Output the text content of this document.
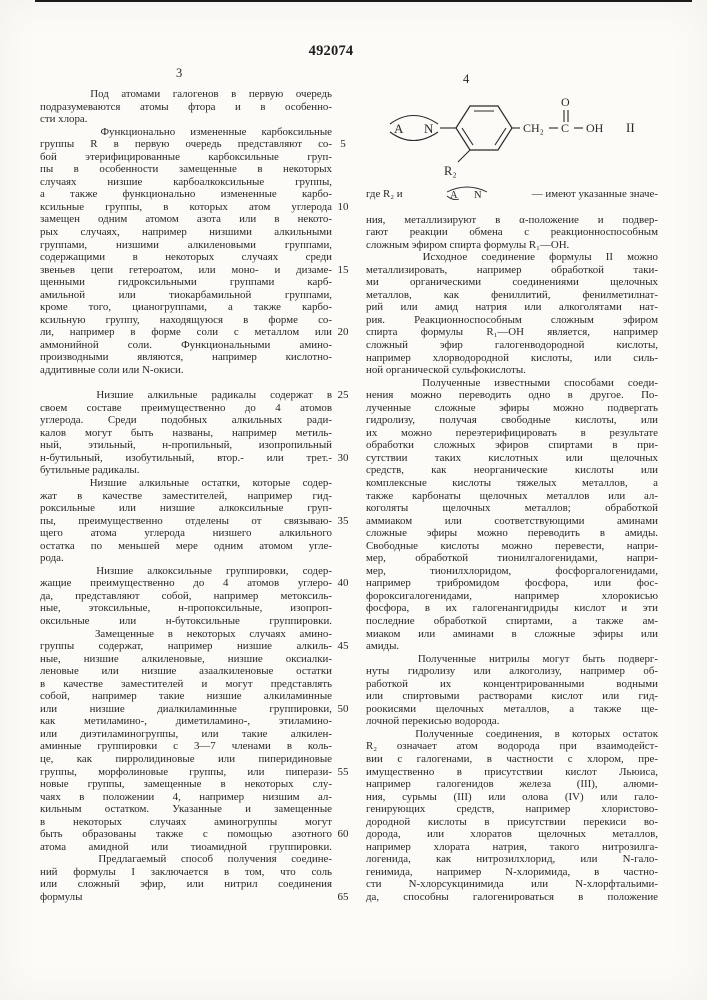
492074
3	4
Под атомами галогенов в первую очередь
подразумеваются атомы фтора и в особенно-
сти хлора.
Функционально измененные карбоксильные
группы R в первую очередь представляют со-
бой этерифицированные карбоксильные груп-
пы в особенности замещенные в некоторых
случаях низшие карбоалкоксильные группы,
а также функционально измененные карбо-
ксильные группы, в которых атом углерода
замещен одним атомом азота или в некото-
рых случаях, например низшими алкильными
группами, низшими алкиленовыми группами,
содержащими в некоторых случаях среди
звеньев цепи гетероатом, или моно- и дизаме-
щенными гидроксильными группами карб-
амильной или тиокарбамильной группами,
кроме того, цианогруппами, а также карбо-
ксильную группу, находящуюся в форме со-
ли, например в форме соли с металлом или
аммонийной соли. Функциональными амино-
производными являются, например кислотно-
аддитивные соли или N-окиси.
Низшие алкильные радикалы содержат в
своем составе преимущественно до 4 атомов
углерода. Среди подобных алкильных ради-
калов могут быть названы, например метиль-
ный, этильный, н-пропильный, изопропильный
н-бутильный, изобутильный, втор.- или трет.-
бутильные радикалы.
Низшие алкильные остатки, которые содер-
жат в качестве заместителей, например гид-
роксильные или низшие алкоксильные груп-
пы, преимущественно отделены от связываю-
щего атома углерода низшего алкильного
остатка по меньшей мере одним атомом угле-
рода.
Низшие алкоксильные группировки, содер-
жащие преимущественно до 4 атомов углеро-
да, представляют собой, например метоксиль-
ные, этоксильные, н-пропоксильные, изопроп-
оксильные или н-бутоксильные группировки.
Замещенные в некоторых случаях амино-
группы содержат, например низшие алкиль-
ные, низшие алкиленовые, низшие оксиалки-
леновые или низшие азаалкиленовые остатки
в качестве заместителей и могут представлять
собой, например такие низшие алкиламинные
или низшие диалкиламинные группировки,
как метиламино-, диметиламино-, этиламино-
или диэтиламиногруппы, или такие алкилен-
аминные группировки с 3—7 членами в коль-
це, как пирролидиновые или пиперидиновые
группы, морфолиновые группы, или пиперази-
новые группы, замещенные в некоторых слу-
чаях в положении 4, например низшим ал-
кильным остатком. Указанные и замещенные
в некоторых случаях аминогруппы могут
быть образованы также с помощью азотного
атома амидной или тиоамидной группировки.
Предлагаемый способ получения соедине-
ний формулы I заключается в том, что соль
или сложный эфир, или нитрил соединения
формулы
5
10
15
20
25
30
35
40
45
50
55
60
65
A N
R₂
CH₂ C
O
OH II
где R₂ и	A N	— имеют указанные значе-
ния, металлизируют в α-положение и подвер-
гают реакции обмена с реакционноспособным
сложным эфиром спирта формулы R₁—ОН.
Исходное соединение формулы II можно
металлизировать, например обработкой таки-
ми органическими соединениями щелочных
металлов, как фениллитий, фенилметилнат-
рий или амид натрия или алкоголятами нат-
рия. Реакционноспособным сложным эфиром
спирта формулы R₁—ОН является, например
сложный эфир галогенводородной кислоты,
например хлорводородной кислоты, или силь-
ной органической сульфокислоты.
Полученные известными способами соеди-
нения можно переводить одно в другое. По-
лученные сложные эфиры можно подвергать
гидролизу, получая свободные кислоты, или
их можно переэтерифицировать в результате
обработки сложных эфиров спиртами в при-
сутствии таких кислотных или щелочных
средств, как неорганические кислоты или
комплексные кислоты тяжелых металлов, а
также карбонаты щелочных металлов или ал-
коголяты щелочных металлов; обработкой
аммиаком или соответствующими аминами
сложные эфиры можно переводить в амиды.
Свободные кислоты можно перевести, напри-
мер, обработкой тионилгалогенидами, напри-
мер, тионилхлоридом, фосфоргалогенидами,
например трибромидом фосфора, или фос-
фороксигалогенидами, например хлорокисью
фосфора, в их галогенангидриды кислот и эти
последние обработкой спиртами, а также ам-
миаком или аминами в сложные эфиры или
амиды.
Полученные нитрилы могут быть подверг-
нуты гидролизу или алкоголизу, например об-
работкой их концентрированными водными
или спиртовыми растворами кислот или гид-
роокисями щелочных металлов, а также ще-
лочной перекисью водорода.
Полученные соединения, в которых остаток
R₂ означает атом водорода при взаимодейст-
вии с галогенами, в частности с хлором, пре-
имущественно в присутствии кислот Льюиса,
например галогенидов железа (III), алюми-
ния, сурьмы (III) или олова (IV) или гало-
генирующих средств, например хлористово-
дородной кислоты в присутствии перекиси во-
дорода, или хлоратов щелочных металлов,
например хлората натрия, такого нитрозилга-
логенида, как нитрозилхлорид, или N-гало-
генимида, например N-хлоримида, в частно-
сти N-хлорсукцинимида или N-хлорфтальими-
да, способны галогенироваться в положение
